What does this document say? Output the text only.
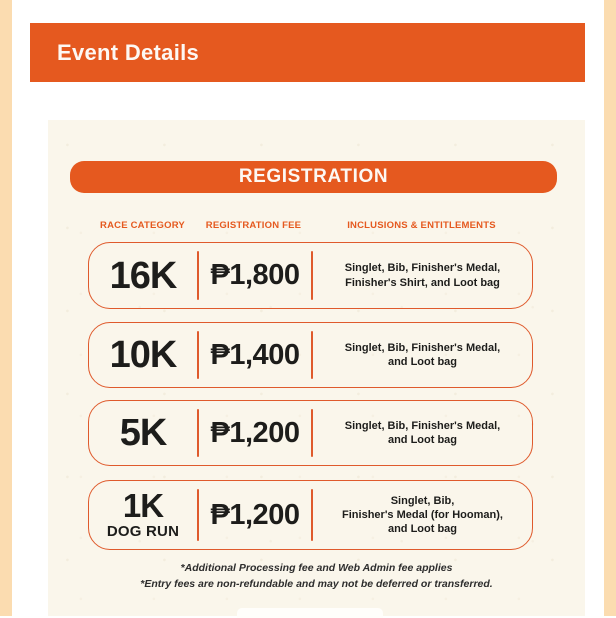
Event Details
REGISTRATION
RACE CATEGORY	REGISTRATION FEE	INCLUSIONS & ENTITLEMENTS
16K ₱1,800	Singlet, Bib, Finisher's Medal,
Finisher's Shirt, and Loot bag
10K ₱1,400	Singlet, Bib, Finisher's Medal,
and Loot bag
5K ₱1,200	Singlet, Bib, Finisher's Medal,
and Loot bag
1K
DOG RUN
₱1,200	Singlet, Bib,
Finisher's Medal (for Hooman),
and Loot bag
*Additional Processing fee and Web Admin fee applies
*Entry fees are non-refundable and may not be deferred or transferred.
